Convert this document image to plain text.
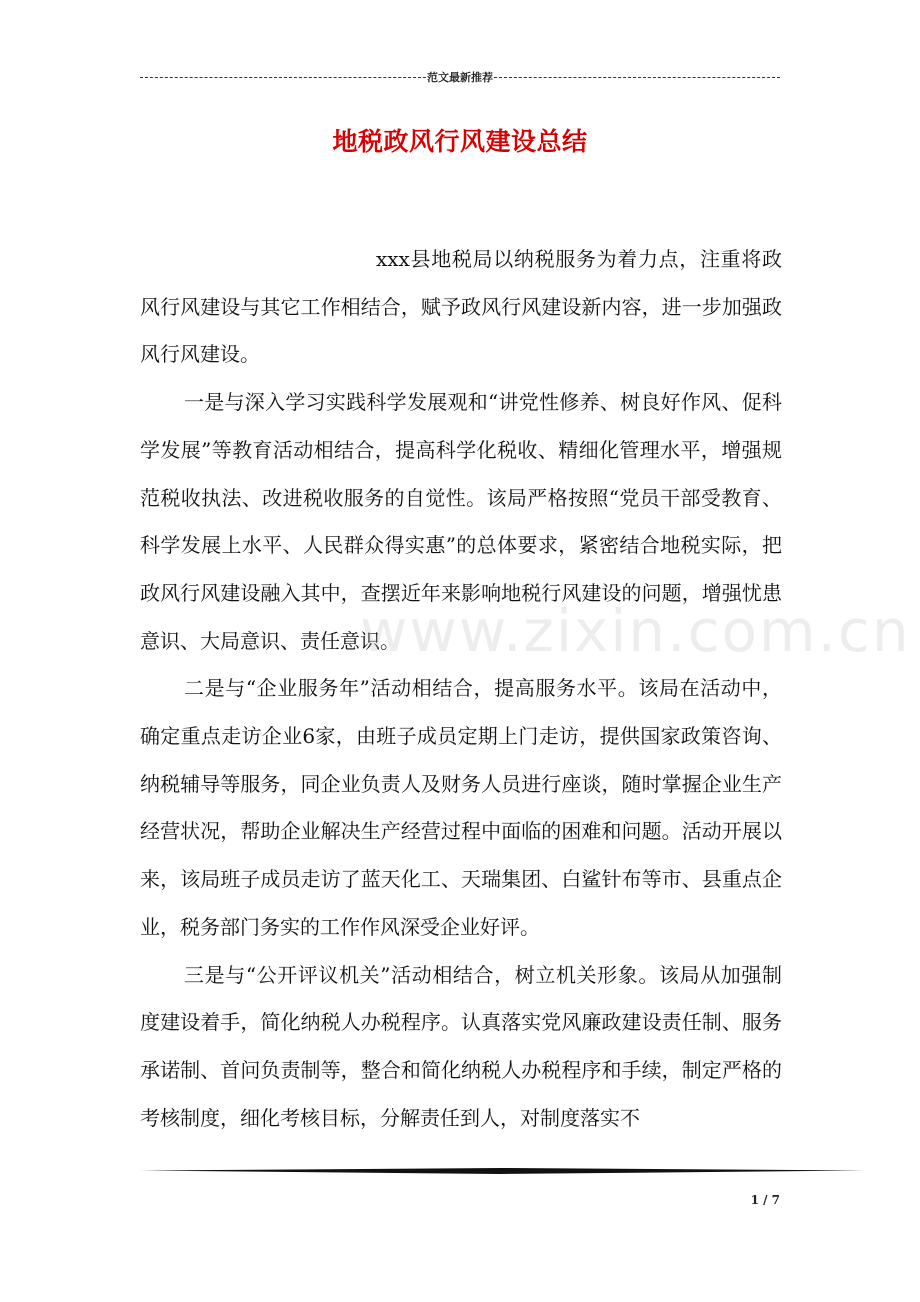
范文最新推荐
地税政风行风建设总结

xxx县地税局以纳税服务为着力点，注重将政风行风建设与其它工作相结合，赋予政风行风建设新内容，进一步加强政风行风建设。

一是与深入学习实践科学发展观和“讲党性修养、树良好作风、促科学发展”等教育活动相结合，提高科学化税收、精细化管理水平，增强规范税收执法、改进税收服务的自觉性。该局严格按照“党员干部受教育、科学发展上水平、人民群众得实惠”的总体要求，紧密结合地税实际，把政风行风建设融入其中，查摆近年来影响地税行风建设的问题，增强忧患意识、大局意识、责任意识。

二是与“企业服务年”活动相结合，提高服务水平。该局在活动中，确定重点走访企业6家，由班子成员定期上门走访，提供国家政策咨询、纳税辅导等服务，同企业负责人及财务人员进行座谈，随时掌握企业生产经营状况，帮助企业解决生产经营过程中面临的困难和问题。活动开展以来，该局班子成员走访了蓝天化工、天瑞集团、白鲨针布等市、县重点企业，税务部门务实的工作作风深受企业好评。

三是与“公开评议机关”活动相结合，树立机关形象。该局从加强制度建设着手，简化纳税人办税程序。认真落实党风廉政建设责任制、服务承诺制、首问负责制等，整合和简化纳税人办税程序和手续，制定严格的考核制度，细化考核目标，分解责任到人，对制度落实不

www.zixin.com.cn
1 / 7
